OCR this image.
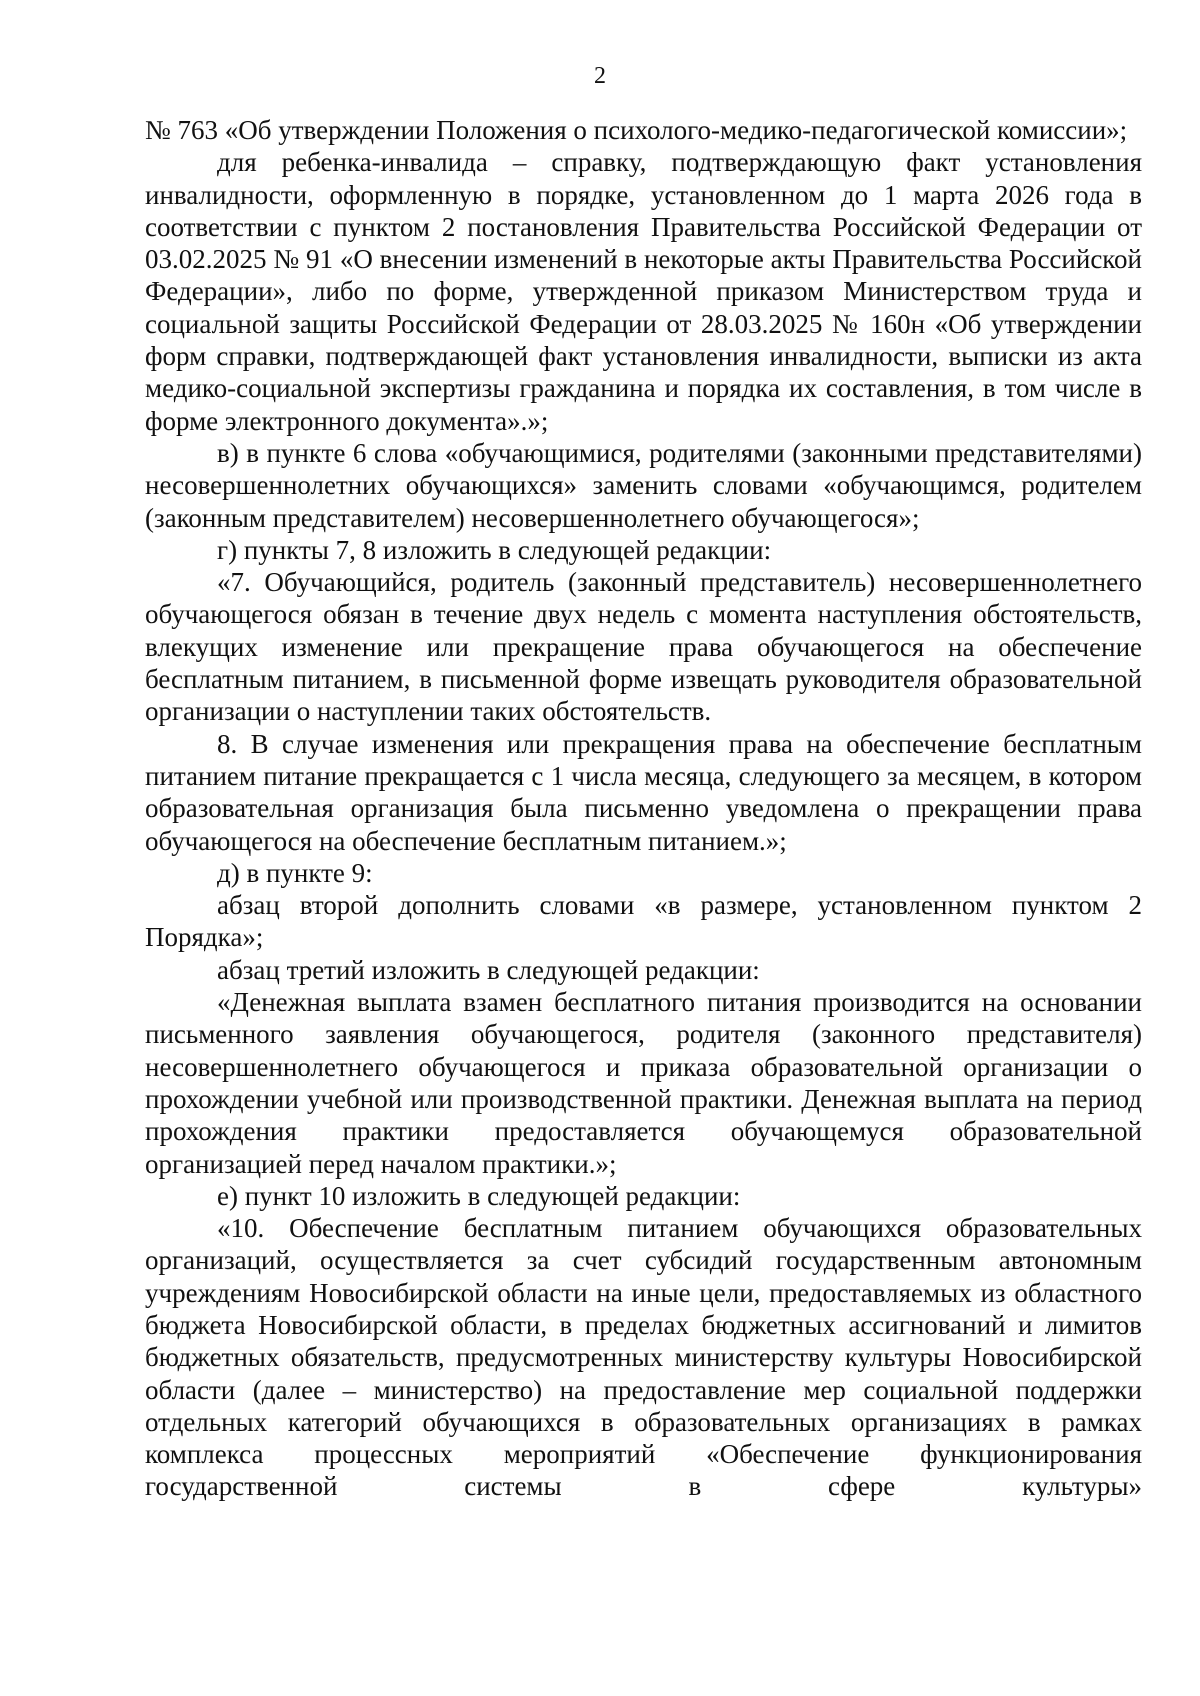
2

№ 763 «Об утверждении Положения о психолого-медико-педагогической комиссии»;

для ребенка-инвалида – справку, подтверждающую факт установления инвалидности, оформленную в порядке, установленном до 1 марта 2026 года в соответствии с пунктом 2 постановления Правительства Российской Федерации от 03.02.2025 № 91 «О внесении изменений в некоторые акты Правительства Российской Федерации», либо по форме, утвержденной приказом Министерством труда и социальной защиты Российской Федерации от 28.03.2025 № 160н «Об утверждении форм справки, подтверждающей факт установления инвалидности, выписки из акта медико-социальной экспертизы гражданина и порядка их составления, в том числе в форме электронного документа».»;

в) в пункте 6 слова «обучающимися, родителями (законными представителями) несовершеннолетних обучающихся» заменить словами «обучающимся, родителем (законным представителем) несовершеннолетнего обучающегося»;

г) пункты 7, 8 изложить в следующей редакции:

«7. Обучающийся, родитель (законный представитель) несовершеннолетнего обучающегося обязан в течение двух недель с момента наступления обстоятельств, влекущих изменение или прекращение права обучающегося на обеспечение бесплатным питанием, в письменной форме извещать руководителя образовательной организации о наступлении таких обстоятельств.

8. В случае изменения или прекращения права на обеспечение бесплатным питанием питание прекращается с 1 числа месяца, следующего за месяцем, в котором образовательная организация была письменно уведомлена о прекращении права обучающегося на обеспечение бесплатным питанием.»;

д) в пункте 9:

абзац второй дополнить словами «в размере, установленном пунктом 2 Порядка»;

абзац третий изложить в следующей редакции:

«Денежная выплата взамен бесплатного питания производится на основании письменного заявления обучающегося, родителя (законного представителя) несовершеннолетнего обучающегося и приказа образовательной организации о прохождении учебной или производственной практики. Денежная выплата на период прохождения практики предоставляется обучающемуся образовательной организацией перед началом практики.»;

е) пункт 10 изложить в следующей редакции:

«10. Обеспечение бесплатным питанием обучающихся образовательных организаций, осуществляется за счет субсидий государственным автономным учреждениям Новосибирской области на иные цели, предоставляемых из областного бюджета Новосибирской области, в пределах бюджетных ассигнований и лимитов бюджетных обязательств, предусмотренных министерству культуры Новосибирской области (далее – министерство) на предоставление мер социальной поддержки отдельных категорий обучающихся в образовательных организациях в рамках комплекса процессных мероприятий «Обеспечение функционирования государственной системы в сфере культуры»
